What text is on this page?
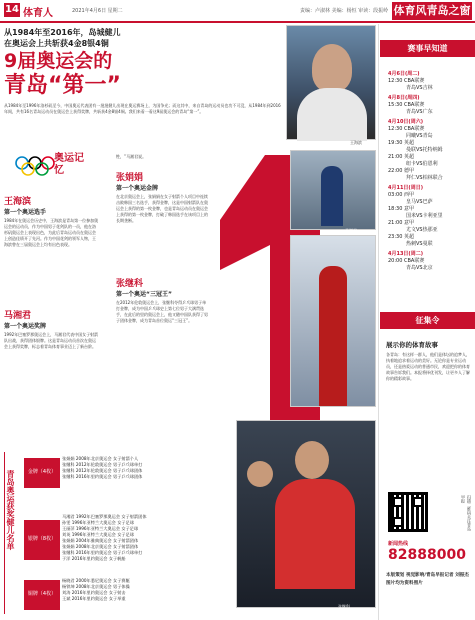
14 体育人	2021年4月6日 星期二	责编：卢淑林 美编：杨恒 审读：段振岭 体育风青岛之窗
从1984年至2016年，岛城健儿
在奥运会上共斩获4金8银4铜
9届奥运会的
青岛“第一”
王海滨
从1984年至1996年洛杉矶至今，中国奥运代表团有一批批健儿出现在奥运赛场上，为国争光；而这其中，来自青岛的运动员也功不可没，从1984年到2016年间，共有16名青岛运动员在奥运会上获得奖牌，共斩获4金8银4铜。我们来看一看这9届奥运会的青岛“第一”。
奥运记忆
王海滨
第一个奥运选手
1984年在奥运会历史中，王海滨是青岛第一位参加奥运会的运动员，作为中国男子花剑队的一员，他在洛杉矶奥运会上表现出色，为此后青岛运动员在奥运会上创造佳绩开了先河。作为中国花剑的领军人物，王海滨曾在三届奥运会上均有出色表现。
马湘君
第一个奥运奖牌
1992年巴塞罗那奥运会上，马湘君代表中国女子射箭队出战，获得团体银牌。这是青岛运动员首次在奥运会上获得奖牌，标志着青岛体育事业迈上了新台阶。
牲，”马湘君说。
张娟娟
第一个奥运金牌
在北京奥运会上，张娟娟在女子射箭个人项目中连续击败韩国三名选手，获得金牌，这是中国射箭队在奥运会上获得的第一枚金牌，也是青岛运动员在奥运会上获得的第一枚金牌，打破了韩国选手在该项目上的长期垄断。
张继科
第一个奥运“三冠王”
在2012年伦敦奥运会上，张继科夺得乒乓球男子单打金牌，成为中国乒乓球史上第七位男子大满贯选手，在此后的里约奥运会上，他又随中国队获得了男子团体金牌，成为青岛首位奥运“三冠王”。
马湘君
张继科
青岛奥运获奖健儿名单	金牌（4枚）
张娟娟 2008年北京奥运会 女子射箭个人
张继科 2012年伦敦奥运会 男子乒乓球单打
张继科 2012年伦敦奥运会 男子乒乓球团体
张继科 2016年里约奥运会 男子乒乓球团体
银牌（8枚）
马湘君 1992年巴塞罗那奥运会 女子射箭团体
孙雯 1996年亚特兰大奥运会 女子足球
王丽萍 1996年亚特兰大奥运会 女子足球
刘英 1996年亚特兰大奥运会 女子足球
张娟娟 2004年雅典奥运会 女子射箭团体
张娟娟 2008年北京奥运会 女子射箭团体
张继科 2016年里约奥运会 男子乒乓球单打
于洋 2016年里约奥运会 女子帆船
铜牌（4枚）
杨晓君 2000年悉尼奥运会 女子赛艇
杨铁坤 2008年北京奥运会 男子体操
刘涛 2016年里约奥运会 女子射击
王斌 2016年里约奥运会 女子举重
赛事早知道
4月6日(周二)
12:30 CBA联赛
青岛VS吉林
4月8日(周四)
15:30 CBA联赛
青岛VS广东
4月10日(周六)
12:30 CBA联赛
同曦VS青岛
19:30 英超
曼联VS托特纳姆
21:00 英超
纽卡VS伯恩利
22:00 德甲
拜仁VS柏林联合
4月11日(周日)
03:00 西甲
皇马VS巴萨
18:30 意甲
国米VS卡利亚里
21:00 意甲
尤文VS热那亚
23:30 英超
热刺VS曼联
4月13日(周二)
20:00 CBA联赛
青岛VS北京
征集令
展示你的体育故事
各青岛：有这样一群人，他们是体坛的追梦人，执着地追求着运动的美好。无论你是专业运动员，还是热爱运动的普通市民，欢迎把你的体育故事告诉我们。本报将择优刊发，让更多人了解你的精彩故事。
扫描二维码关注青岛早报
新闻热线
82888000
本版策划 视觉影响/青岛早报记者 刘振杰 图片均为资料照片
